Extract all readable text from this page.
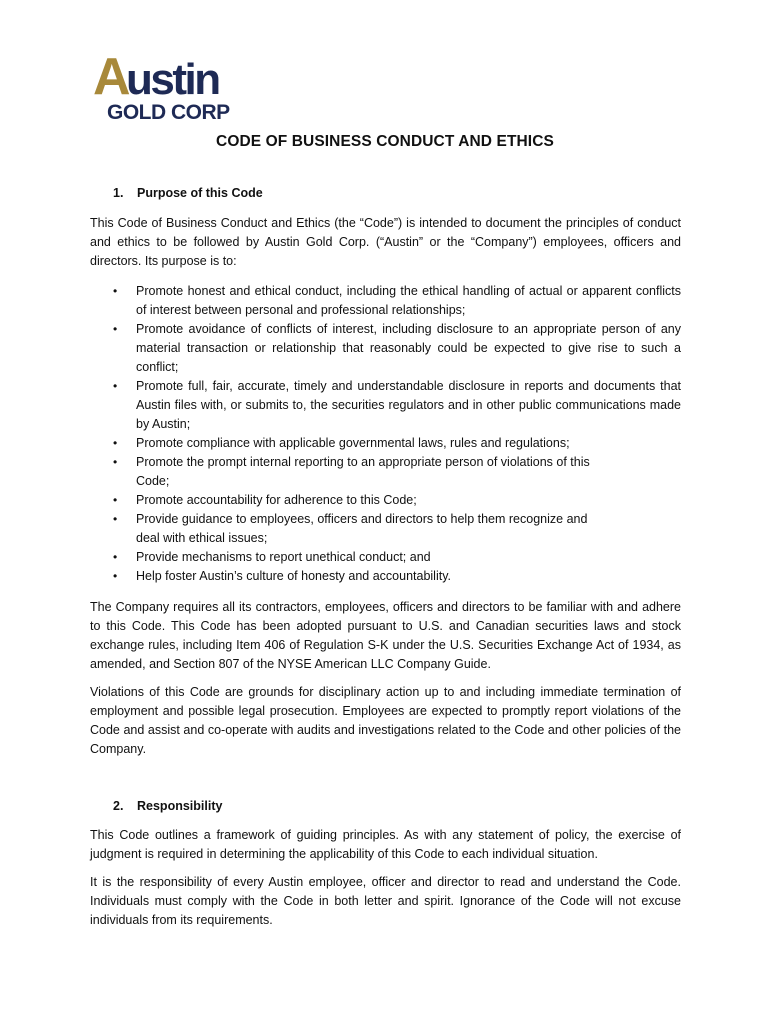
A
ustin
GOLD CORP
CODE OF BUSINESS CONDUCT AND ETHICS
1. Purpose of this Code

This Code of Business Conduct and Ethics (the “Code”) is intended to document the principles of conduct and ethics to be followed by Austin Gold Corp. (“Austin” or the “Company”) employees, officers and directors. Its purpose is to:

• Promote honest and ethical conduct, including the ethical handling of actual or apparent conflicts of interest between personal and professional relationships;
• Promote avoidance of conflicts of interest, including disclosure to an appropriate person of any material transaction or relationship that reasonably could be expected to give rise to such a conflict;
• Promote full, fair, accurate, timely and understandable disclosure in reports and documents that Austin files with, or submits to, the securities regulators and in other public communications made by Austin;
• Promote compliance with applicable governmental laws, rules and regulations;
• Promote the prompt internal reporting to an appropriate person of violations of this Code;
• Promote accountability for adherence to this Code;
• Provide guidance to employees, officers and directors to help them recognize and deal with ethical issues;
• Provide mechanisms to report unethical conduct; and
• Help foster Austin’s culture of honesty and accountability.

The Company requires all its contractors, employees, officers and directors to be familiar with and adhere to this Code. This Code has been adopted pursuant to U.S. and Canadian securities laws and stock exchange rules, including Item 406 of Regulation S-K under the U.S. Securities Exchange Act of 1934, as amended, and Section 807 of the NYSE American LLC Company Guide.

Violations of this Code are grounds for disciplinary action up to and including immediate termination of employment and possible legal prosecution. Employees are expected to promptly report violations of the Code and assist and co-operate with audits and investigations related to the Code and other policies of the Company.

2. Responsibility

This Code outlines a framework of guiding principles. As with any statement of policy, the exercise of judgment is required in determining the applicability of this Code to each individual situation.

It is the responsibility of every Austin employee, officer and director to read and understand the Code. Individuals must comply with the Code in both letter and spirit. Ignorance of the Code will not excuse individuals from its requirements.
